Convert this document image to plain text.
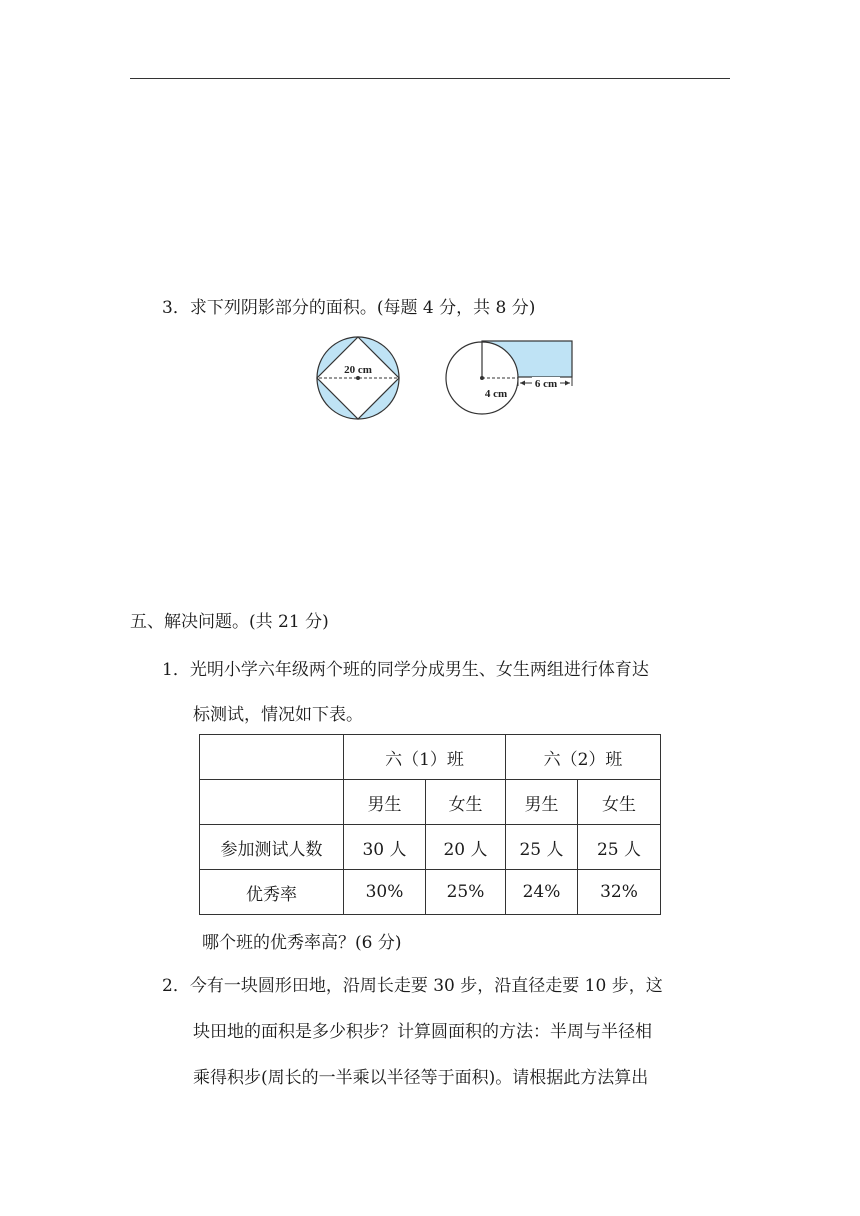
3．求下列阴影部分的面积。(每题 4 分，共 8 分)
20 cm
6 cm
4 cm
五、解决问题。(共 21 分)
1．光明小学六年级两个班的同学分成男生、女生两组进行体育达
标测试，情况如下表。
	六（1）班		六（2）班	
	男生	女生	男生	女生
参加测试人数	30 人	20 人	25 人	25 人
优秀率	30%	25%	24%	32%
哪个班的优秀率高？(6 分)
2．今有一块圆形田地，沿周长走要 30 步，沿直径走要 10 步，这
块田地的面积是多少积步？计算圆面积的方法：半周与半径相
乘得积步(周长的一半乘以半径等于面积)。请根据此方法算出
